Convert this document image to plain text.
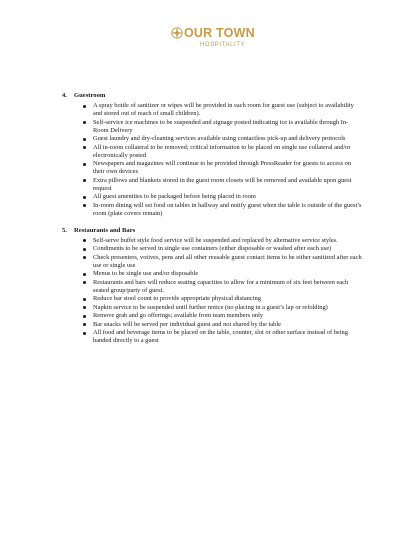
OUR TOWN
HOSPITALITY
4. Guestroom
A spray bottle of sanitizer or wipes will be provided in each room for guest use (subject to availability and stored out of reach of small children).
Self-service ice machines to be suspended and signage posted indicating ice is available through In-Room Delivery
Guest laundry and dry-cleaning services available using contactless pick-up and delivery protocols
All in-room collateral to be removed; critical information to be placed on single use collateral and/or electronically posted
Newspapers and magazines will continue to be provided through PressReader for guests to access on their own devices
Extra pillows and blankets stored in the guest room closets will be removed and available upon guest request
All guest amenities to be packaged before being placed in room
In-room dining will set food on tables in hallway and notify guest when the table is outside of the guest’s room (plate covers remain)
5. Restaurants and Bars
Self-serve buffet style food service will be suspended and replaced by alternative service styles.
Condiments to be served in single use containers (either disposable or washed after each use)
Check presenters, votives, pens and all other reusable guest contact items to be either sanitized after each use or single use
Menus to be single use and/or disposable
Restaurants and bars will reduce seating capacities to allow for a minimum of six feet between each seated group/party of guest.
Reduce bar stool count to provide appropriate physical distancing
Napkin service to be suspended until further notice (no placing in a guest’s lap or refolding)
Remove grab and go offerings; available from team members only
Bar snacks will be served per individual guest and not shared by the table
All food and beverage items to be placed on the table, counter, slot or other surface instead of being handed directly to a guest
